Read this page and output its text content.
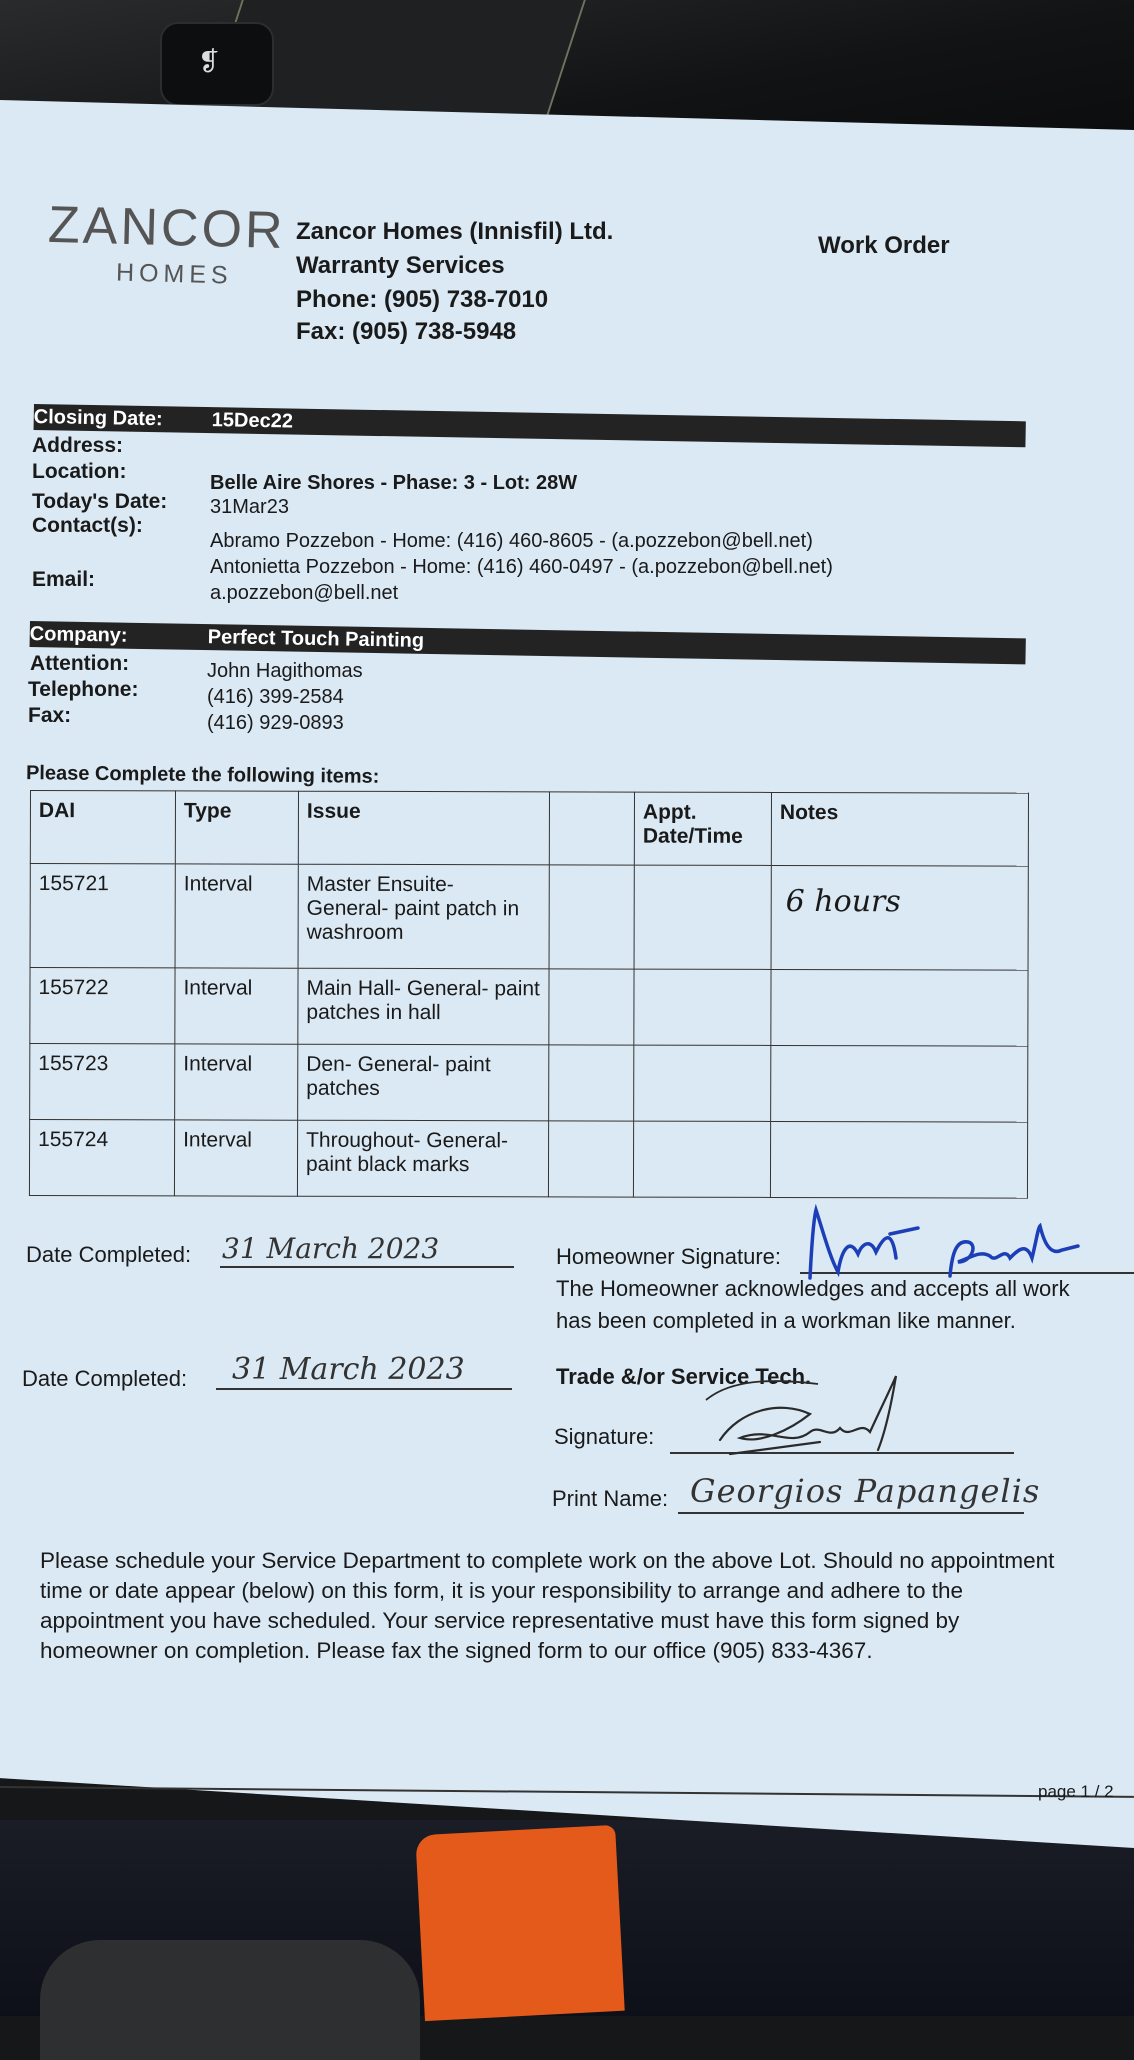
❡
ZANCOR
HOMES
Zancor Homes (Innisfil) Ltd.
Warranty Services
Phone: (905) 738-7010
Fax: (905) 738-5948
Work Order
Closing Date: 15Dec22
Address:
Location:	Belle Aire Shores - Phase: 3 - Lot: 28W
Today's Date: 31Mar23
Contact(s):
Abramo Pozzebon - Home: (416) 460-8605 - (a.pozzebon@bell.net)
Antonietta Pozzebon - Home: (416) 460-0497 - (a.pozzebon@bell.net)
Email:
a.pozzebon@bell.net
Company:	Perfect Touch Painting
Attention:	John Hagithomas
Telephone:	(416) 399-2584
Fax:	(416) 929-0893
Please Complete the following items:
DAI	Type	Issue		Appt. Date/Time	Notes
155721	Interval	Master Ensuite- General- paint patch in washroom			6 hours
155722	Interval	Main Hall- General- paint patches in hall			
155723	Interval	Den- General- paint patches			
155724	Interval	Throughout- General- paint black marks			
Date Completed: 31 March 2023	Homeowner Signature:
The Homeowner acknowledges and accepts all work
has been completed in a workman like manner.
Date Completed: 31 March 2023	Trade &/or Service Tech.
Signature:
Print Name: Georgios Papangelis
Please schedule your Service Department to complete work on the above Lot. Should no appointment time or date appear (below) on this form, it is your responsibility to arrange and adhere to the appointment you have scheduled. Your service representative must have this form signed by homeowner on completion. Please fax the signed form to our office (905) 833-4367.
page 1 / 2
